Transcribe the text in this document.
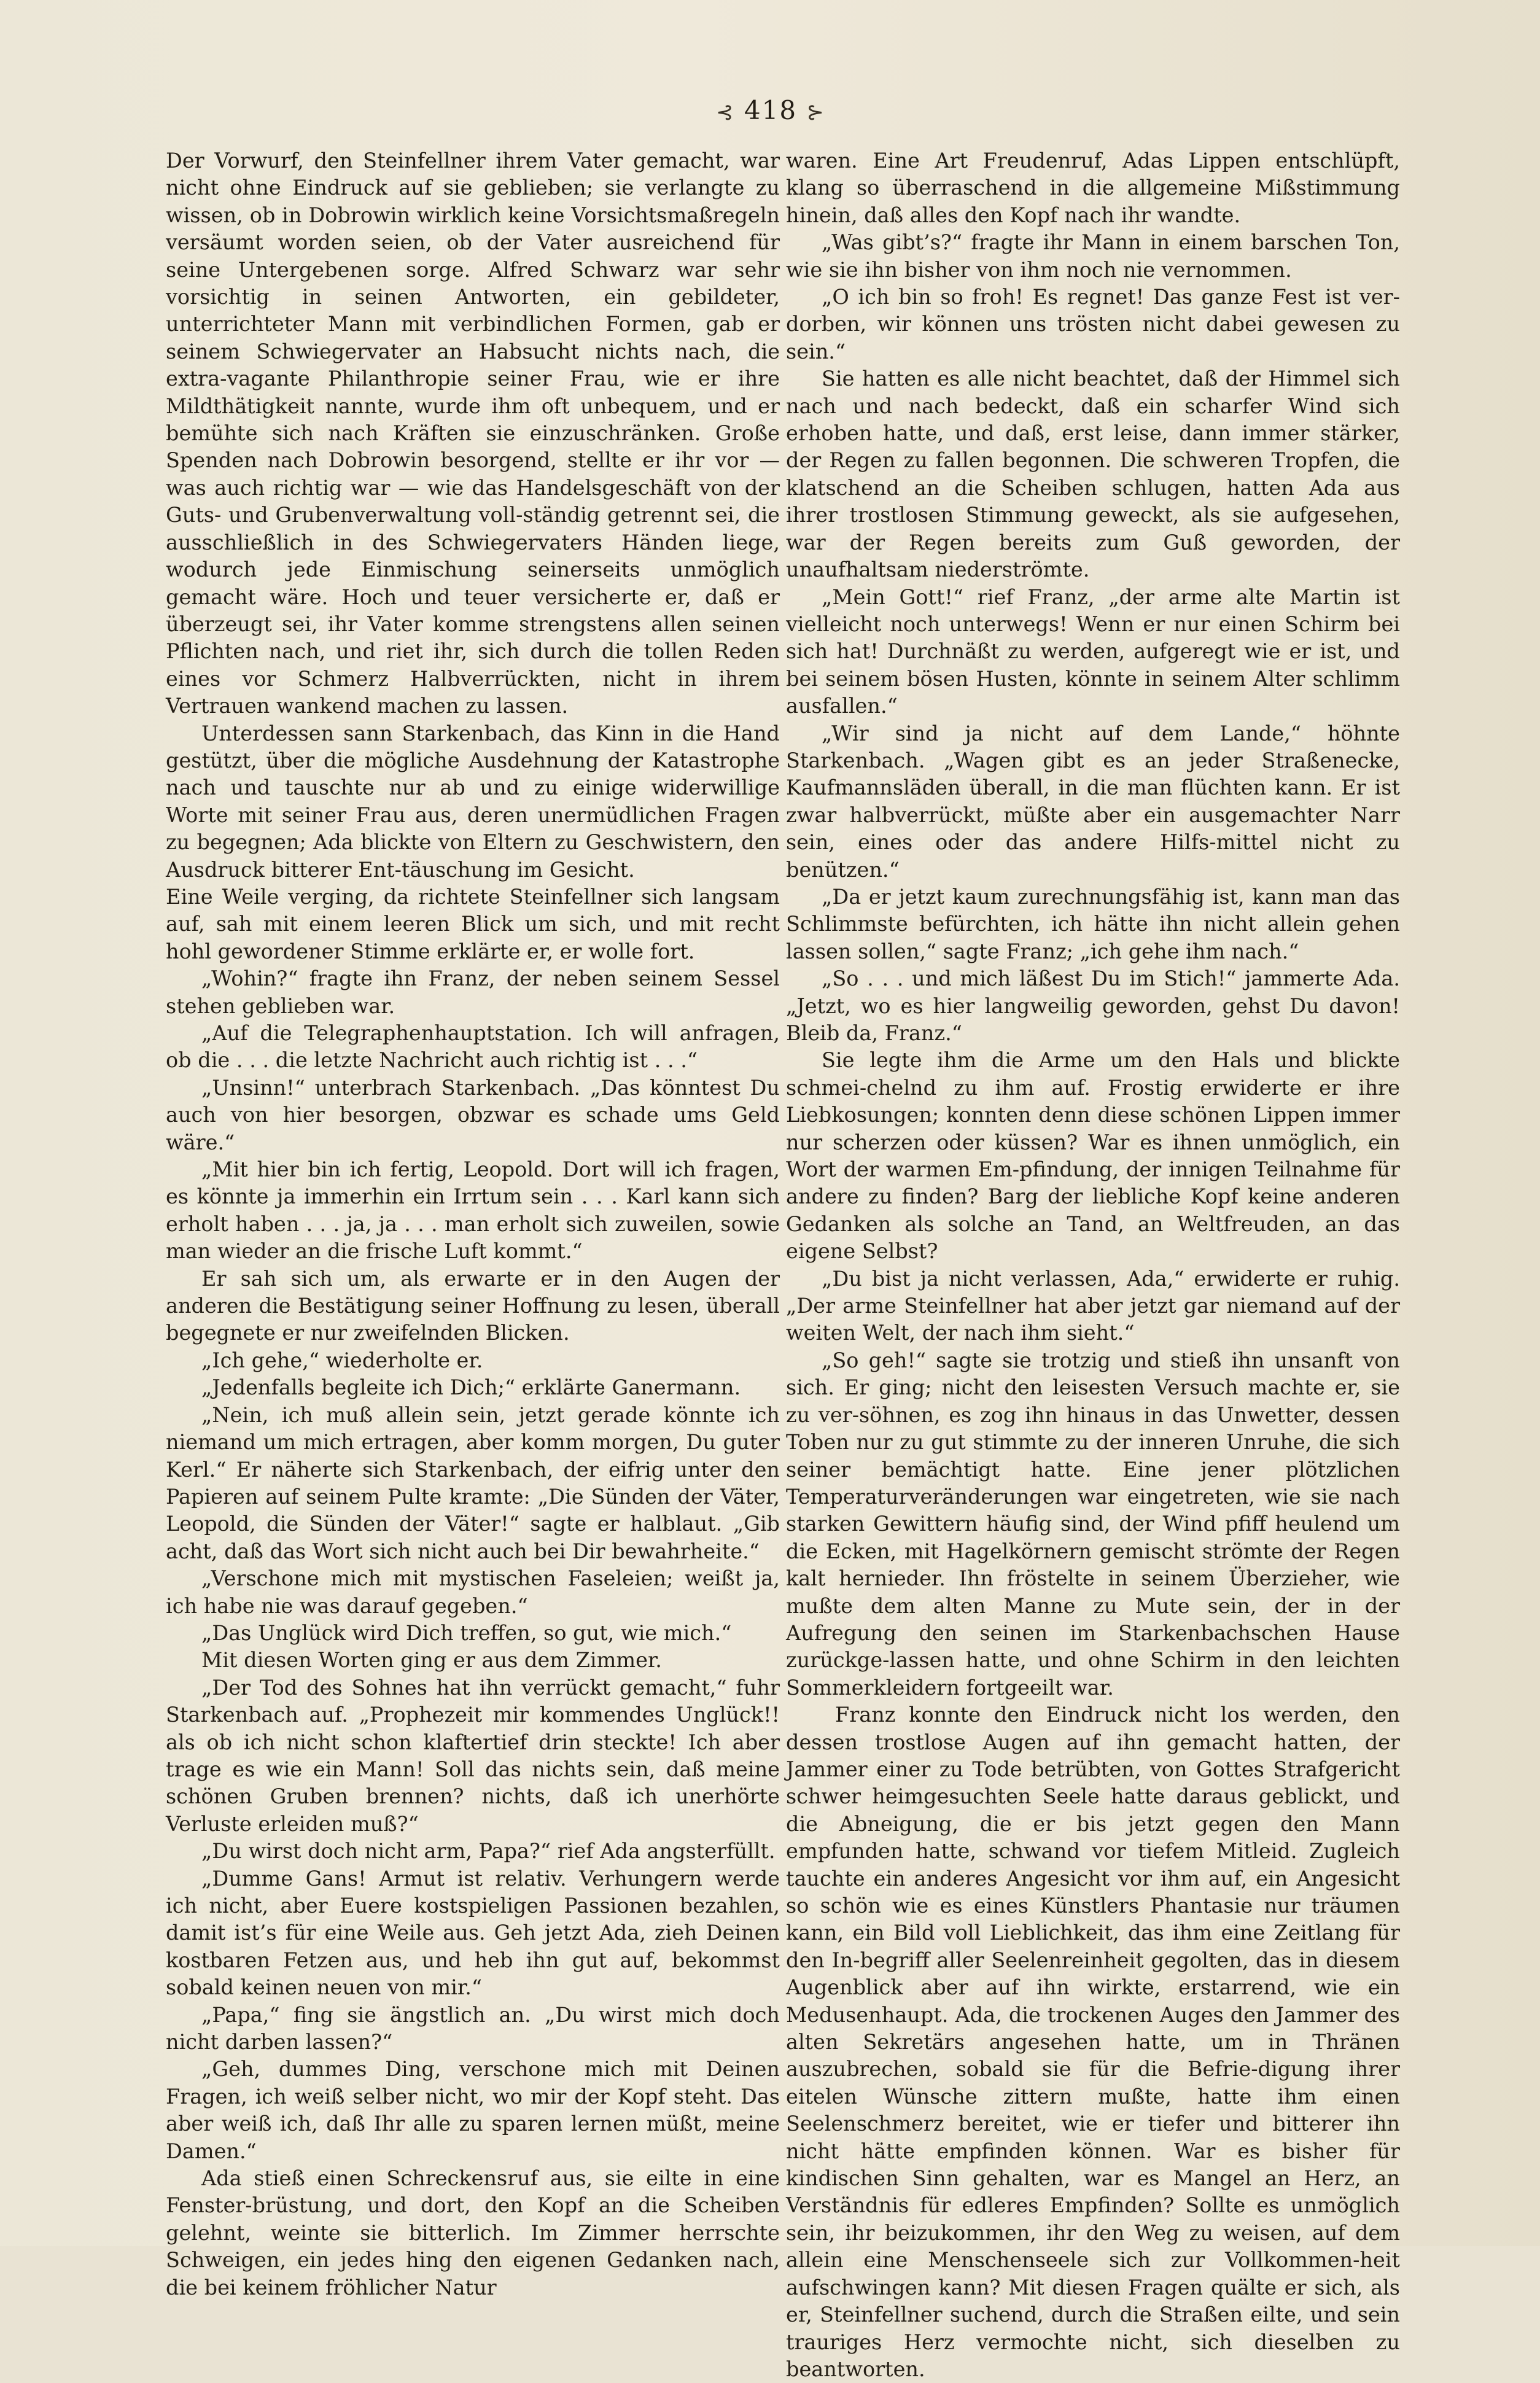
⊰ 418 ⊱

Der Vorwurf, den Steinfellner ihrem Vater gemacht, war nicht ohne Eindruck auf sie geblieben; sie verlangte zu wissen, ob in Dobrowin wirklich keine Vorsichtsmaßregeln versäumt worden seien, ob der Vater ausreichend für seine Untergebenen sorge. Alfred Schwarz war sehr vorsichtig in seinen Antworten, ein gebildeter, unterrichteter Mann mit verbindlichen Formen, gab er seinem Schwiegervater an Habsucht nichts nach, die extra-vagante Philanthropie seiner Frau, wie er ihre Mildthätigkeit nannte, wurde ihm oft unbequem, und er bemühte sich nach Kräften sie einzuschränken. Große Spenden nach Dobrowin besorgend, stellte er ihr vor — was auch richtig war — wie das Handelsgeschäft von der Guts- und Grubenverwaltung voll-ständig getrennt sei, die ausschließlich in des Schwiegervaters Händen liege, wodurch jede Einmischung seinerseits unmöglich gemacht wäre. Hoch und teuer versicherte er, daß er überzeugt sei, ihr Vater komme strengstens allen seinen Pflichten nach, und riet ihr, sich durch die tollen Reden eines vor Schmerz Halbverrückten, nicht in ihrem Vertrauen wankend machen zu lassen.

Unterdessen sann Starkenbach, das Kinn in die Hand gestützt, über die mögliche Ausdehnung der Katastrophe nach und tauschte nur ab und zu einige widerwillige Worte mit seiner Frau aus, deren unermüdlichen Fragen zu begegnen; Ada blickte von Eltern zu Geschwistern, den Ausdruck bitterer Ent-täuschung im Gesicht.

Eine Weile verging, da richtete Steinfellner sich langsam auf, sah mit einem leeren Blick um sich, und mit recht hohl gewordener Stimme erklärte er, er wolle fort.

„Wohin?“ fragte ihn Franz, der neben seinem Sessel stehen geblieben war.

„Auf die Telegraphenhauptstation. Ich will anfragen, ob die . . . die letzte Nachricht auch richtig ist . . .“

„Unsinn!“ unterbrach Starkenbach. „Das könntest Du auch von hier besorgen, obzwar es schade ums Geld wäre.“

„Mit hier bin ich fertig, Leopold. Dort will ich fragen, es könnte ja immerhin ein Irrtum sein . . . Karl kann sich erholt haben . . . ja, ja . . . man erholt sich zuweilen, sowie man wieder an die frische Luft kommt.“

Er sah sich um, als erwarte er in den Augen der anderen die Bestätigung seiner Hoffnung zu lesen, überall begegnete er nur zweifelnden Blicken.

„Ich gehe,“ wiederholte er.

„Jedenfalls begleite ich Dich;“ erklärte Ganermann.

„Nein, ich muß allein sein, jetzt gerade könnte ich niemand um mich ertragen, aber komm morgen, Du guter Kerl.“ Er näherte sich Starkenbach, der eifrig unter den Papieren auf seinem Pulte kramte: „Die Sünden der Väter, Leopold, die Sünden der Väter!“ sagte er halblaut. „Gib acht, daß das Wort sich nicht auch bei Dir bewahrheite.“

„Verschone mich mit mystischen Faseleien; weißt ja, ich habe nie was darauf gegeben.“

„Das Unglück wird Dich treffen, so gut, wie mich.“

Mit diesen Worten ging er aus dem Zimmer.

„Der Tod des Sohnes hat ihn verrückt gemacht,“ fuhr Starkenbach auf. „Prophezeit mir kommendes Unglück!! als ob ich nicht schon klaftertief drin steckte! Ich aber trage es wie ein Mann! Soll das nichts sein, daß meine schönen Gruben brennen? nichts, daß ich unerhörte Verluste erleiden muß?“

„Du wirst doch nicht arm, Papa?“ rief Ada angsterfüllt.

„Dumme Gans! Armut ist relativ. Verhungern werde ich nicht, aber Euere kostspieligen Passionen bezahlen, damit ist’s für eine Weile aus. Geh jetzt Ada, zieh Deinen kostbaren Fetzen aus, und heb ihn gut auf, bekommst sobald keinen neuen von mir.“

„Papa,“ fing sie ängstlich an. „Du wirst mich doch nicht darben lassen?“

„Geh, dummes Ding, verschone mich mit Deinen Fragen, ich weiß selber nicht, wo mir der Kopf steht. Das aber weiß ich, daß Ihr alle zu sparen lernen müßt, meine Damen.“

Ada stieß einen Schreckensruf aus, sie eilte in eine Fenster-brüstung, und dort, den Kopf an die Scheiben gelehnt, weinte sie bitterlich. Im Zimmer herrschte Schweigen, ein jedes hing den eigenen Gedanken nach, die bei keinem fröhlicher Natur

waren. Eine Art Freudenruf, Adas Lippen entschlüpft, klang so überraschend in die allgemeine Mißstimmung hinein, daß alles den Kopf nach ihr wandte.

„Was gibt’s?“ fragte ihr Mann in einem barschen Ton, wie sie ihn bisher von ihm noch nie vernommen.

„O ich bin so froh! Es regnet! Das ganze Fest ist ver-dorben, wir können uns trösten nicht dabei gewesen zu sein.“

Sie hatten es alle nicht beachtet, daß der Himmel sich nach und nach bedeckt, daß ein scharfer Wind sich erhoben hatte, und daß, erst leise, dann immer stärker, der Regen zu fallen begonnen. Die schweren Tropfen, die klatschend an die Scheiben schlugen, hatten Ada aus ihrer trostlosen Stimmung geweckt, als sie aufgesehen, war der Regen bereits zum Guß geworden, der unaufhaltsam niederströmte.

„Mein Gott!“ rief Franz, „der arme alte Martin ist vielleicht noch unterwegs! Wenn er nur einen Schirm bei sich hat! Durchnäßt zu werden, aufgeregt wie er ist, und bei seinem bösen Husten, könnte in seinem Alter schlimm ausfallen.“

„Wir sind ja nicht auf dem Lande,“ höhnte Starkenbach. „Wagen gibt es an jeder Straßenecke, Kaufmannsläden überall, in die man flüchten kann. Er ist zwar halbverrückt, müßte aber ein ausgemachter Narr sein, eines oder das andere Hilfs-mittel nicht zu benützen.“

„Da er jetzt kaum zurechnungsfähig ist, kann man das Schlimmste befürchten, ich hätte ihn nicht allein gehen lassen sollen,“ sagte Franz; „ich gehe ihm nach.“

„So . . . und mich läßest Du im Stich!“ jammerte Ada. „Jetzt, wo es hier langweilig geworden, gehst Du davon! Bleib da, Franz.“

Sie legte ihm die Arme um den Hals und blickte schmei-chelnd zu ihm auf. Frostig erwiderte er ihre Liebkosungen; konnten denn diese schönen Lippen immer nur scherzen oder küssen? War es ihnen unmöglich, ein Wort der warmen Em-pfindung, der innigen Teilnahme für andere zu finden? Barg der liebliche Kopf keine anderen Gedanken als solche an Tand, an Weltfreuden, an das eigene Selbst?

„Du bist ja nicht verlassen, Ada,“ erwiderte er ruhig. „Der arme Steinfellner hat aber jetzt gar niemand auf der weiten Welt, der nach ihm sieht.“

„So geh!“ sagte sie trotzig und stieß ihn unsanft von sich. Er ging; nicht den leisesten Versuch machte er, sie zu ver-söhnen, es zog ihn hinaus in das Unwetter, dessen Toben nur zu gut stimmte zu der inneren Unruhe, die sich seiner bemächtigt hatte. Eine jener plötzlichen Temperaturveränderungen war eingetreten, wie sie nach starken Gewittern häufig sind, der Wind pfiff heulend um die Ecken, mit Hagelkörnern gemischt strömte der Regen kalt hernieder. Ihn fröstelte in seinem Überzieher, wie mußte dem alten Manne zu Mute sein, der in der Aufregung den seinen im Starkenbachschen Hause zurückge-lassen hatte, und ohne Schirm in den leichten Sommerkleidern fortgeeilt war.

Franz konnte den Eindruck nicht los werden, den dessen trostlose Augen auf ihn gemacht hatten, der Jammer einer zu Tode betrübten, von Gottes Strafgericht schwer heimgesuchten Seele hatte daraus geblickt, und die Abneigung, die er bis jetzt gegen den Mann empfunden hatte, schwand vor tiefem Mitleid. Zugleich tauchte ein anderes Angesicht vor ihm auf, ein Angesicht so schön wie es eines Künstlers Phantasie nur träumen kann, ein Bild voll Lieblichkeit, das ihm eine Zeitlang für den In-begriff aller Seelenreinheit gegolten, das in diesem Augenblick aber auf ihn wirkte, erstarrend, wie ein Medusenhaupt. Ada, die trockenen Auges den Jammer des alten Sekretärs angesehen hatte, um in Thränen auszubrechen, sobald sie für die Befrie-digung ihrer eitelen Wünsche zittern mußte, hatte ihm einen Seelenschmerz bereitet, wie er tiefer und bitterer ihn nicht hätte empfinden können. War es bisher für kindischen Sinn gehalten, war es Mangel an Herz, an Verständnis für edleres Empfinden? Sollte es unmöglich sein, ihr beizukommen, ihr den Weg zu weisen, auf dem allein eine Menschenseele sich zur Vollkommen-heit aufschwingen kann? Mit diesen Fragen quälte er sich, als er, Steinfellner suchend, durch die Straßen eilte, und sein trauriges Herz vermochte nicht, sich dieselben zu beantworten.
